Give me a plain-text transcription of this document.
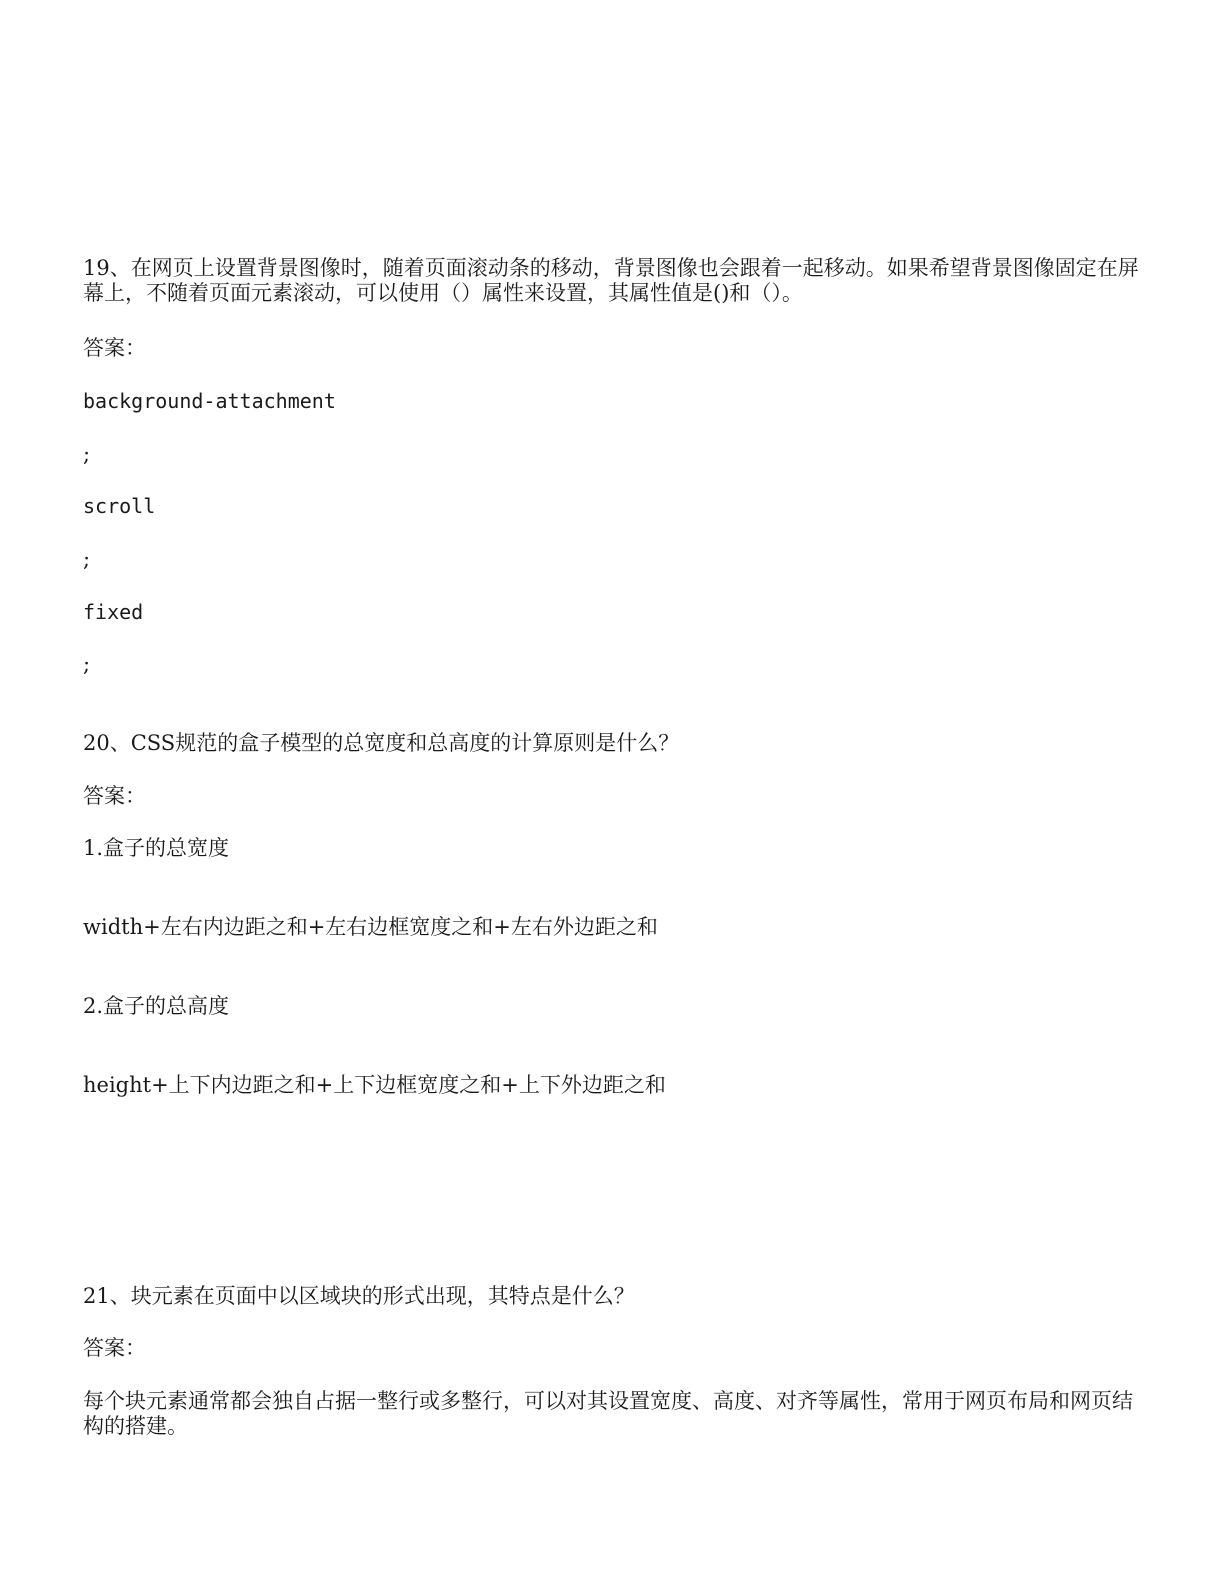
19、在网页上设置背景图像时，随着页面滚动条的移动，背景图像也会跟着一起移动。如果希望背景图像固定在屏幕上，不随着页面元素滚动，可以使用（）属性来设置，其属性值是()和（）。
答案：
background-attachment
;
scroll
;
fixed
;
20、CSS规范的盒子模型的总宽度和总高度的计算原则是什么？
答案：
1.盒子的总宽度
width+左右内边距之和+左右边框宽度之和+左右外边距之和
2.盒子的总高度
height+上下内边距之和+上下边框宽度之和+上下外边距之和
21、块元素在页面中以区域块的形式出现，其特点是什么？
答案：
每个块元素通常都会独自占据一整行或多整行，可以对其设置宽度、高度、对齐等属性，常用于网页布局和网页结构的搭建。
